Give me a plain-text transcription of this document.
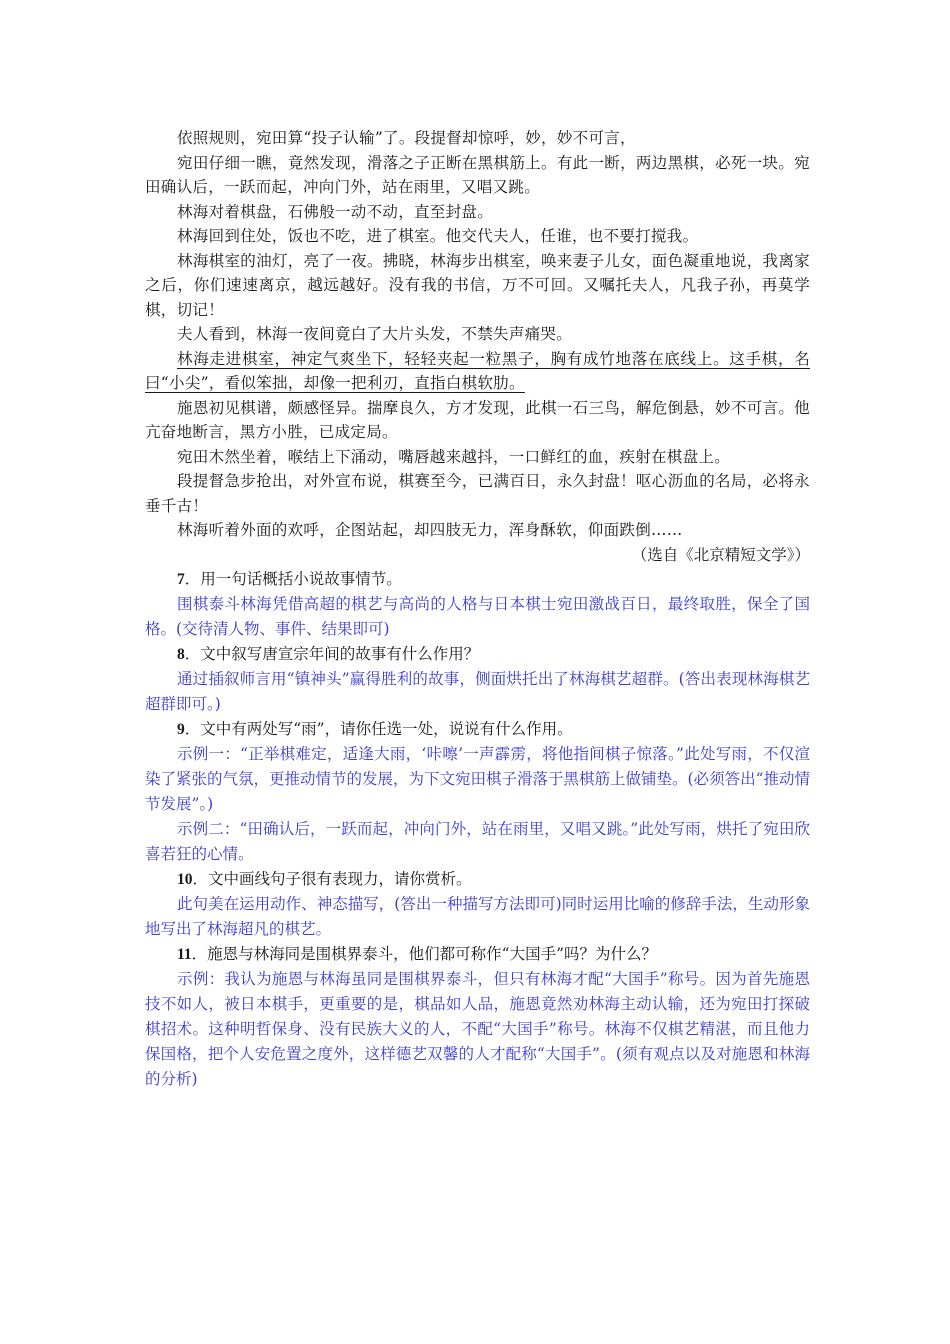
依照规则，宛田算“投子认输”了。段提督却惊呼，妙，妙不可言，

宛田仔细一瞧，竟然发现，滑落之子正断在黑棋筋上。有此一断，两边黑棋，必死一块。宛田确认后，一跃而起，冲向门外，站在雨里，又唱又跳。

林海对着棋盘，石佛般一动不动，直至封盘。

林海回到住处，饭也不吃，进了棋室。他交代夫人，任谁，也不要打搅我。

林海棋室的油灯，亮了一夜。拂晓，林海步出棋室，唤来妻子儿女，面色凝重地说，我离家之后，你们速速离京，越远越好。没有我的书信，万不可回。又嘱托夫人，凡我子孙，再莫学棋，切记！

夫人看到，林海一夜间竟白了大片头发，不禁失声痛哭。

林海走进棋室，神定气爽坐下，轻轻夹起一粒黑子，胸有成竹地落在底线上。这手棋，名曰“小尖”，看似笨拙，却像一把利刃，直指白棋软肋。

施恩初见棋谱，颇感怪异。揣摩良久，方才发现，此棋一石三鸟，解危倒悬，妙不可言。他亢奋地断言，黑方小胜，已成定局。

宛田木然坐着，喉结上下涌动，嘴唇越来越抖，一口鲜红的血，疾射在棋盘上。

段提督急步抢出，对外宣布说，棋赛至今，已满百日，永久封盘！呕心沥血的名局，必将永垂千古！

林海听着外面的欢呼，企图站起，却四肢无力，浑身酥软，仰面跌倒……

（选自《北京精短文学》）

7．用一句话概括小说故事情节。

围棋泰斗林海凭借高超的棋艺与高尚的人格与日本棋士宛田激战百日，最终取胜，保全了国格。(交待清人物、事件、结果即可)

8．文中叙写唐宣宗年间的故事有什么作用？

通过插叙师言用“镇神头”赢得胜利的故事，侧面烘托出了林海棋艺超群。(答出表现林海棋艺超群即可。)

9．文中有两处写“雨”，请你任选一处，说说有什么作用。

示例一：“正举棋难定，适逢大雨，‘咔嚓’一声霹雳，将他指间棋子惊落。”此处写雨，不仅渲染了紧张的气氛，更推动情节的发展，为下文宛田棋子滑落于黑棋筋上做铺垫。(必须答出“推动情节发展”。)

示例二：“田确认后，一跃而起，冲向门外，站在雨里，又唱又跳。”此处写雨，烘托了宛田欣喜若狂的心情。

10．文中画线句子很有表现力，请你赏析。

此句美在运用动作、神态描写，(答出一种描写方法即可)同时运用比喻的修辞手法，生动形象地写出了林海超凡的棋艺。

11．施恩与林海同是围棋界泰斗，他们都可称作“大国手”吗？为什么？

示例：我认为施恩与林海虽同是围棋界泰斗，但只有林海才配“大国手”称号。因为首先施恩技不如人，被日本棋手，更重要的是，棋品如人品，施恩竟然劝林海主动认输，还为宛田打探破棋招术。这种明哲保身、没有民族大义的人，不配“大国手”称号。林海不仅棋艺精湛，而且他力保国格，把个人安危置之度外，这样德艺双馨的人才配称“大国手”。(须有观点以及对施恩和林海的分析)
